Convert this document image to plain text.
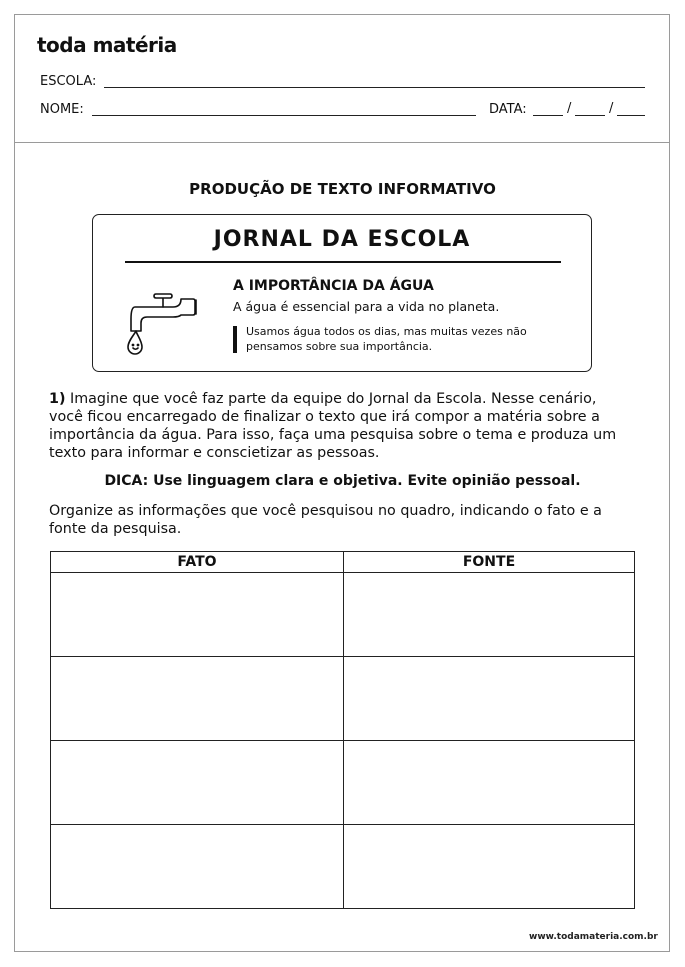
toda matéria
ESCOLA:
NOME:	DATA:	/	/
PRODUÇÃO DE TEXTO INFORMATIVO
JORNAL DA ESCOLA
A IMPORTÂNCIA DA ÁGUA
A água é essencial para a vida no planeta.
Usamos água todos os dias, mas muitas vezes não pensamos sobre sua importância.
1) Imagine que você faz parte da equipe do Jornal da Escola. Nesse cenário,
você ficou encarregado de finalizar o texto que irá compor a matéria sobre a
importância da água. Para isso, faça uma pesquisa sobre o tema e produza um
texto para informar e conscietizar as pessoas.
DICA: Use linguagem clara e objetiva. Evite opinião pessoal.
Organize as informações que você pesquisou no quadro, indicando o fato e a
fonte da pesquisa.
FATO	FONTE

www.todamateria.com.br
